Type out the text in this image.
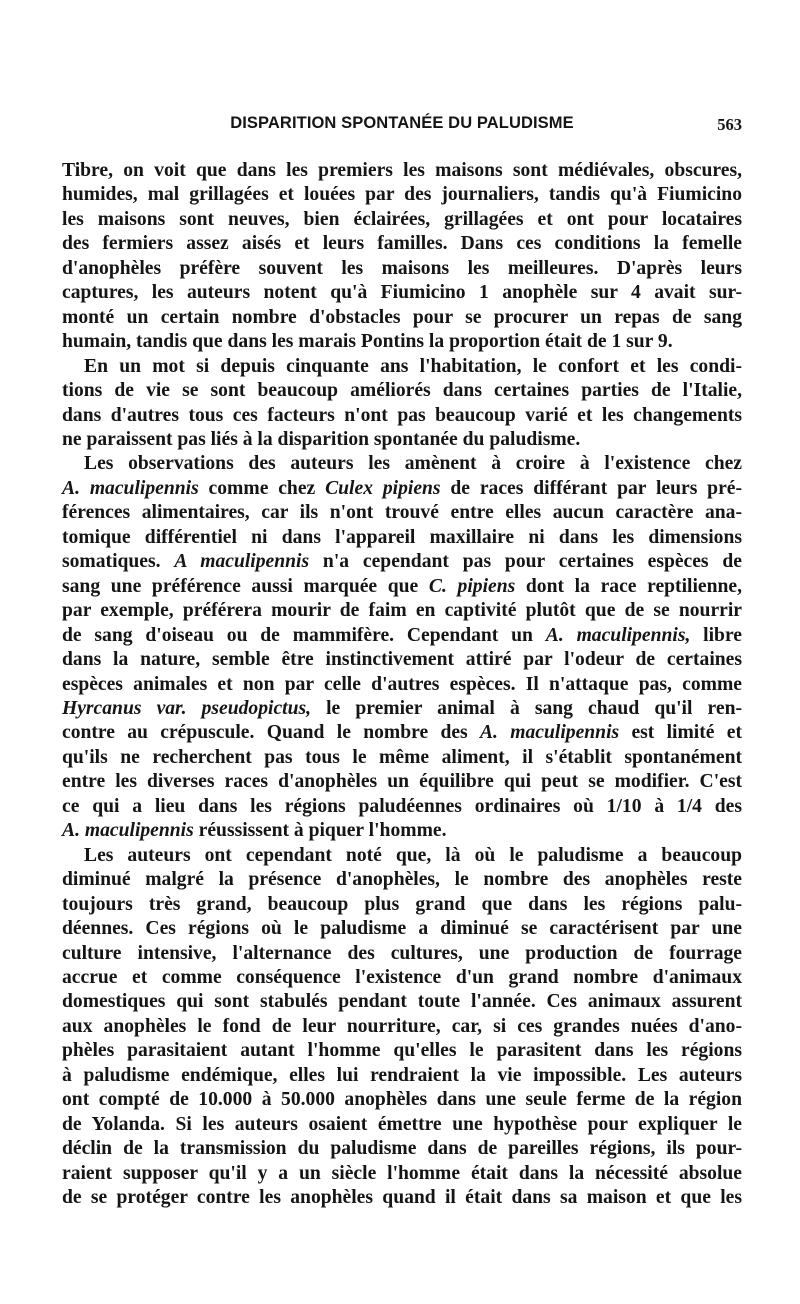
DISPARITION SPONTANÉE DU PALUDISME	563
Tibre, on voit que dans les premiers les maisons sont médiévales, obscures,
humides, mal grillagées et louées par des journaliers, tandis qu'à Fiumicino
les maisons sont neuves, bien éclairées, grillagées et ont pour locataires
des fermiers assez aisés et leurs familles. Dans ces conditions la femelle
d'anophèles préfère souvent les maisons les meilleures. D'après leurs
captures, les auteurs notent qu'à Fiumicino 1 anophèle sur 4 avait sur-
monté un certain nombre d'obstacles pour se procurer un repas de sang
humain, tandis que dans les marais Pontins la proportion était de 1 sur 9.
En un mot si depuis cinquante ans l'habitation, le confort et les condi-
tions de vie se sont beaucoup améliorés dans certaines parties de l'Italie,
dans d'autres tous ces facteurs n'ont pas beaucoup varié et les changements
ne paraissent pas liés à la disparition spontanée du paludisme.
Les observations des auteurs les amènent à croire à l'existence chez
A. maculipennis comme chez Culex pipiens de races différant par leurs pré-
férences alimentaires, car ils n'ont trouvé entre elles aucun caractère ana-
tomique différentiel ni dans l'appareil maxillaire ni dans les dimensions
somatiques. A maculipennis n'a cependant pas pour certaines espèces de
sang une préférence aussi marquée que C. pipiens dont la race reptilienne,
par exemple, préférera mourir de faim en captivité plutôt que de se nourrir
de sang d'oiseau ou de mammifère. Cependant un A. maculipennis, libre
dans la nature, semble être instinctivement attiré par l'odeur de certaines
espèces animales et non par celle d'autres espèces. Il n'attaque pas, comme
Hyrcanus var. pseudopictus, le premier animal à sang chaud qu'il ren-
contre au crépuscule. Quand le nombre des A. maculipennis est limité et
qu'ils ne recherchent pas tous le même aliment, il s'établit spontanément
entre les diverses races d'anophèles un équilibre qui peut se modifier. C'est
ce qui a lieu dans les régions paludéennes ordinaires où 1/10 à 1/4 des
A. maculipennis réussissent à piquer l'homme.
Les auteurs ont cependant noté que, là où le paludisme a beaucoup
diminué malgré la présence d'anophèles, le nombre des anophèles reste
toujours très grand, beaucoup plus grand que dans les régions palu-
déennes. Ces régions où le paludisme a diminué se caractérisent par une
culture intensive, l'alternance des cultures, une production de fourrage
accrue et comme conséquence l'existence d'un grand nombre d'animaux
domestiques qui sont stabulés pendant toute l'année. Ces animaux assurent
aux anophèles le fond de leur nourriture, car, si ces grandes nuées d'ano-
phèles parasitaient autant l'homme qu'elles le parasitent dans les régions
à paludisme endémique, elles lui rendraient la vie impossible. Les auteurs
ont compté de 10.000 à 50.000 anophèles dans une seule ferme de la région
de Yolanda. Si les auteurs osaient émettre une hypothèse pour expliquer le
déclin de la transmission du paludisme dans de pareilles régions, ils pour-
raient supposer qu'il y a un siècle l'homme était dans la nécessité absolue
de se protéger contre les anophèles quand il était dans sa maison et que les
